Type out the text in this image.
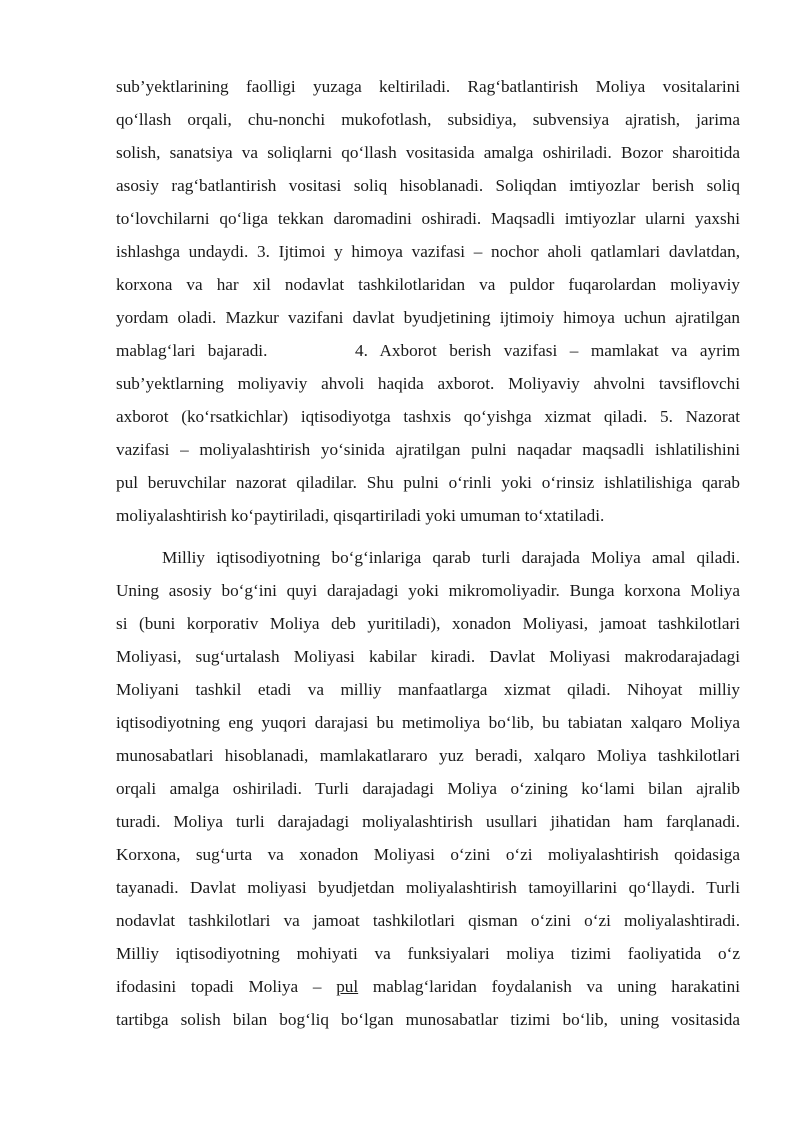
sub’yektlarining faolligi yuzaga keltiriladi. Rag‘batlantirish Moliya vositalarini
qo‘llash orqali, chu-nonchi mukofotlash, subsidiya, subvensiya ajratish, jarima
solish, sanatsiya va soliqlarni qo‘llash vositasida amalga oshiriladi. Bozor sharoitida
asosiy rag‘batlantirish vositasi soliq hisoblanadi. Soliqdan imtiyozlar berish soliq
to‘lovchilarni qo‘liga tekkan daromadini oshiradi. Maqsadli imtiyozlar ularni yaxshi
ishlashga undaydi. 3. Ijtimoi y himoya vazifasi – nochor aholi qatlamlari davlatdan,
korxona va har xil nodavlat tashkilotlaridan va puldor fuqarolardan moliyaviy
yordam oladi. Mazkur vazifani davlat byudjetining ijtimoiy himoya uchun ajratilgan
mablag‘lari bajaradi.       4. Axborot berish vazifasi – mamlakat va ayrim
sub’yektlarning moliyaviy ahvoli haqida axborot. Moliyaviy ahvolni tavsiflovchi
axborot (ko‘rsatkichlar) iqtisodiyotga tashxis qo‘yishga xizmat qiladi. 5. Nazorat
vazifasi – moliyalashtirish yo‘sinida ajratilgan pulni naqadar maqsadli ishlatilishini
pul beruvchilar nazorat qiladilar. Shu pulni o‘rinli yoki o‘rinsiz ishlatilishiga qarab
moliyalashtirish ko‘paytiriladi, qisqartiriladi yoki umuman to‘xtatiladi.
Milliy iqtisodiyotning bo‘g‘inlariga qarab turli darajada Moliya amal qiladi.
Uning asosiy bo‘g‘ini quyi darajadagi yoki mikromoliyadir. Bunga korxona Moliya
si (buni korporativ Moliya deb yuritiladi), xonadon Moliyasi, jamoat tashkilotlari
Moliyasi, sug‘urtalash Moliyasi kabilar kiradi. Davlat Moliyasi makrodarajadagi
Moliyani tashkil etadi va milliy manfaatlarga xizmat qiladi. Nihoyat milliy
iqtisodiyotning eng yuqori darajasi bu metimoliya bo‘lib, bu tabiatan xalqaro Moliya
munosabatlari hisoblanadi, mamlakatlararo yuz beradi, xalqaro Moliya tashkilotlari
orqali amalga oshiriladi. Turli darajadagi Moliya o‘zining ko‘lami bilan ajralib
turadi. Moliya turli darajadagi moliyalashtirish usullari jihatidan ham farqlanadi.
Korxona, sug‘urta va xonadon Moliyasi o‘zini o‘zi moliyalashtirish qoidasiga
tayanadi. Davlat moliyasi byudjetdan moliyalashtirish tamoyillarini qo‘llaydi. Turli
nodavlat tashkilotlari va jamoat tashkilotlari qisman o‘zini o‘zi moliyalashtiradi.
Milliy iqtisodiyotning mohiyati va funksiyalari moliya tizimi faoliyatida o‘z
ifodasini topadi Moliya – pul mablag‘laridan foydalanish va uning harakatini
tartibga solish bilan bog‘liq bo‘lgan munosabatlar tizimi bo‘lib, uning vositasida
